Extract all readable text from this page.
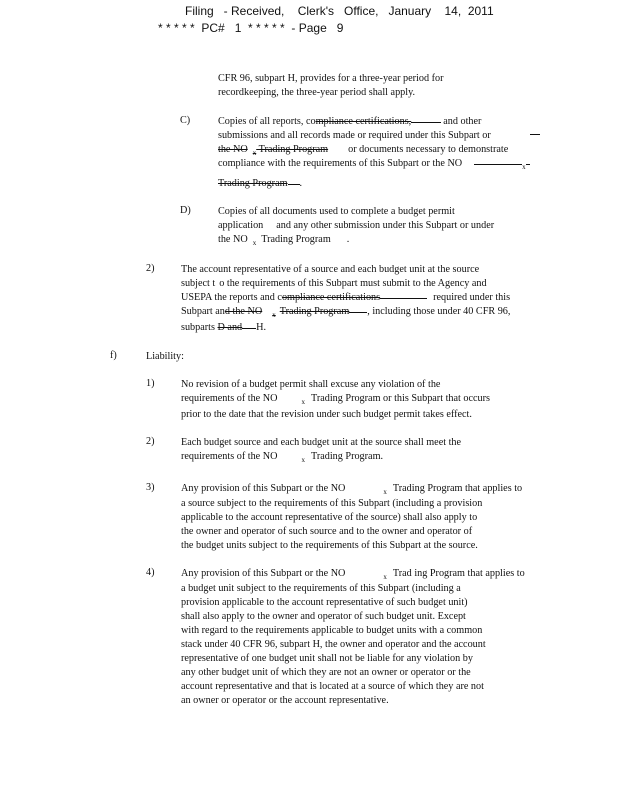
Filing   - Received,    Clerk's   Office,   January    14,  2011
* * * * *  PC#   1  * * * * *  - Page   9
CFR 96, subpart H, provides for a three-year period for
recordkeeping, the three-year period shall apply.
C)	Copies of all reports, compliance certifications,	and other
submissions and all records made or required under this Subpart or
the NO $_x$ Trading Program or documents necessary to demonstrate
compliance with the requirements of this Subpart or the NO	$_x$
Trading Program .
D)	Copies of all documents used to complete a budget permit
application and any other submission under this Subpart or under
the NO $_x$ Trading Program .
2)	The account representative of a source and each budget unit at the source
subject t o the requirements of this Subpart must submit to the Agency and
USEPA the reports and compliance certifications	required under this
Subpart and the NO $_x$ Trading Program , including those under 40 CFR 96,
subparts D and H.
f)	Liability:
1)	No revision of a budget permit shall excuse any violation of the
requirements of the NO	$_x$ Trading Program or this Subpart that occurs
prior to the date that the revision under such budget permit takes effect.
2)	Each budget source and each budget unit at the source shall meet the
requirements of the NO	$_x$ Trading Program.
3)	Any provision of this Subpart or the NO	$_x$ Trading Program that applies to
a source subject to the requirements of this Subpart (including a provision
applicable to the account representative of the source) shall also apply to
the owner and operator of such source and to the owner and operator of
the budget units subject to the requirements of this Subpart at the source.
4)	Any provision of this Subpart or the NO	$_x$ Trad ing Program that applies to
a budget unit subject to the requirements of this Subpart (including a
provision applicable to the account representative of such budget unit)
shall also apply to the owner and operator of such budget unit. Except
with regard to the requirements applicable to budget units with a common
stack under 40 CFR 96, subpart H, the owner and operator and the account
representative of one budget unit shall not be liable for any violation by
any other budget unit of which they are not an owner or operator or the
account representative and that is located at a source of which they are not
an owner or operator or the account representative.
